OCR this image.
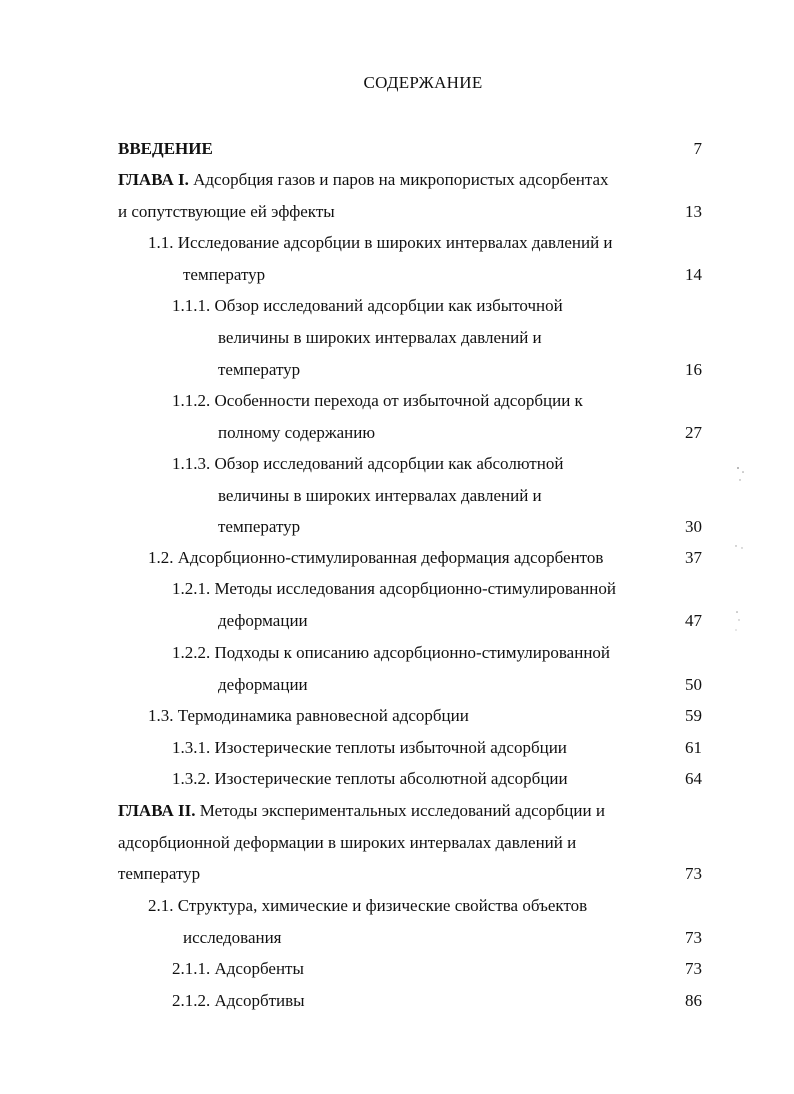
СОДЕРЖАНИЕ
ВВЕДЕНИЕ	7
ГЛАВА I. Адсорбция газов и паров на микропористых адсорбентах
и сопутствующие ей эффекты	13
1.1. Исследование адсорбции в широких интервалах давлений и
температур	14
1.1.1. Обзор исследований адсорбции как избыточной
величины в широких интервалах давлений и
температур	16
1.1.2. Особенности перехода от избыточной адсорбции к
полному содержанию	27
1.1.3. Обзор исследований адсорбции как абсолютной
величины в широких интервалах давлений и
температур	30
1.2. Адсорбционно-стимулированная деформация адсорбентов	37
1.2.1. Методы исследования адсорбционно-стимулированной
деформации	47
1.2.2. Подходы к описанию адсорбционно-стимулированной
деформации	50
1.3. Термодинамика равновесной адсорбции	59
1.3.1. Изостерические теплоты избыточной адсорбции	61
1.3.2. Изостерические теплоты абсолютной адсорбции	64
ГЛАВА II. Методы экспериментальных исследований адсорбции и
адсорбционной деформации в широких интервалах давлений и
температур	73
2.1. Структура, химические и физические свойства объектов
исследования	73
2.1.1. Адсорбенты	73
2.1.2. Адсорбтивы	86
